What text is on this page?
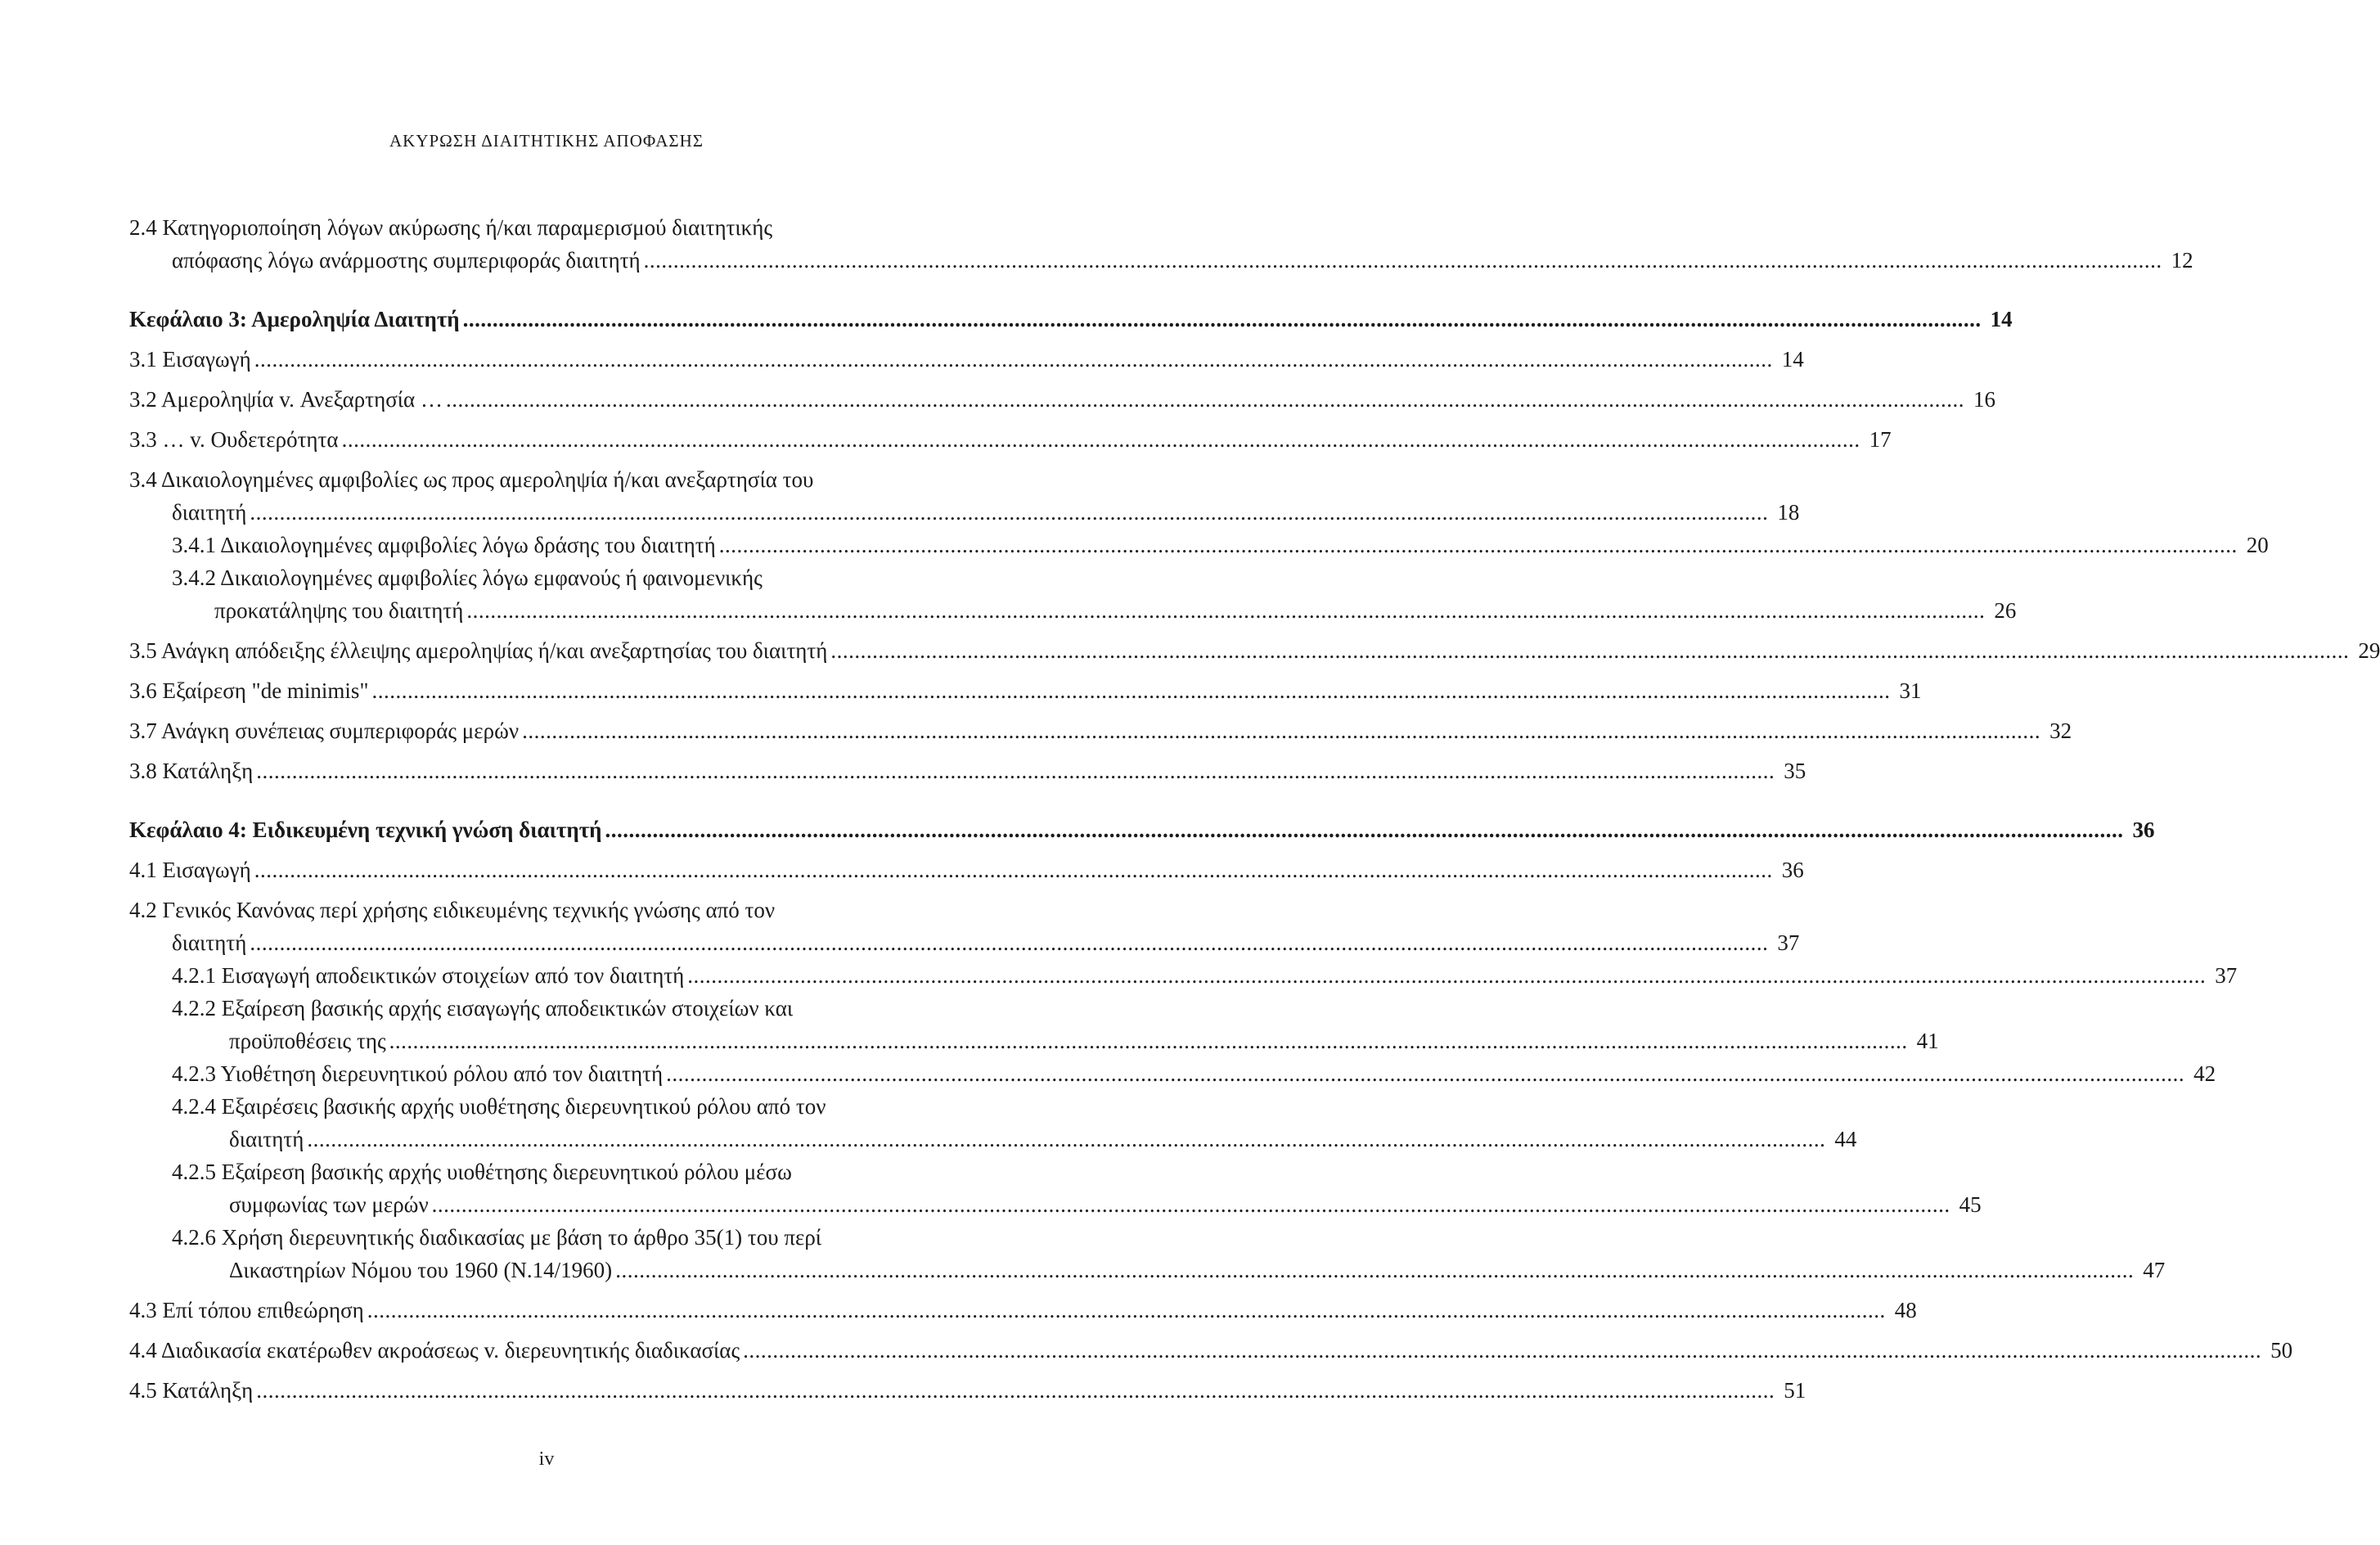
ΑΚΥΡΩΣΗ ΔΙΑΙΤΗΤΙΚΗΣ ΑΠΟΦΑΣΗΣ
2.4 Κατηγοριοποίηση λόγων ακύρωσης ή/και παραμερισμού διαιτητικής
απόφασης λόγω ανάρμοστης συμπεριφοράς διαιτητή .....	12
Κεφάλαιο 3: Αμεροληψία Διαιτητή .....	14
3.1 Εισαγωγή .....	14
3.2 Αμεροληψία v. Ανεξαρτησία … .....	16
3.3 … v. Ουδετερότητα .....	17
3.4 Δικαιολογημένες αμφιβολίες ως προς αμεροληψία ή/και ανεξαρτησία του
διαιτητή .....	18
3.4.1 Δικαιολογημένες αμφιβολίες λόγω δράσης του διαιτητή .....	20
3.4.2 Δικαιολογημένες αμφιβολίες λόγω εμφανούς ή φαινομενικής
προκατάληψης του διαιτητή .....	26
3.5 Ανάγκη απόδειξης έλλειψης αμεροληψίας ή/και ανεξαρτησίας του διαιτητή .....	29
3.6 Εξαίρεση "de minimis" .....	31
3.7 Ανάγκη συνέπειας συμπεριφοράς μερών .....	32
3.8 Κατάληξη .....	35
Κεφάλαιο 4: Ειδικευμένη τεχνική γνώση διαιτητή .....	36
4.1 Εισαγωγή .....	36
4.2 Γενικός Κανόνας περί χρήσης ειδικευμένης τεχνικής γνώσης από τον
διαιτητή .....	37
4.2.1 Εισαγωγή αποδεικτικών στοιχείων από τον διαιτητή .....	37
4.2.2 Εξαίρεση βασικής αρχής εισαγωγής αποδεικτικών στοιχείων και
προϋποθέσεις της .....	41
4.2.3 Υιοθέτηση διερευνητικού ρόλου από τον διαιτητή .....	42
4.2.4 Εξαιρέσεις βασικής αρχής υιοθέτησης διερευνητικού ρόλου από τον
διαιτητή .....	44
4.2.5 Εξαίρεση βασικής αρχής υιοθέτησης διερευνητικού ρόλου μέσω
συμφωνίας των μερών .....	45
4.2.6 Χρήση διερευνητικής διαδικασίας με βάση το άρθρο 35(1) του περί
Δικαστηρίων Νόμου του 1960 (Ν.14/1960) .....	47
4.3 Επί τόπου επιθεώρηση .....	48
4.4 Διαδικασία εκατέρωθεν ακροάσεως v. διερευνητικής διαδικασίας .....	50
4.5 Κατάληξη .....	51
iv
